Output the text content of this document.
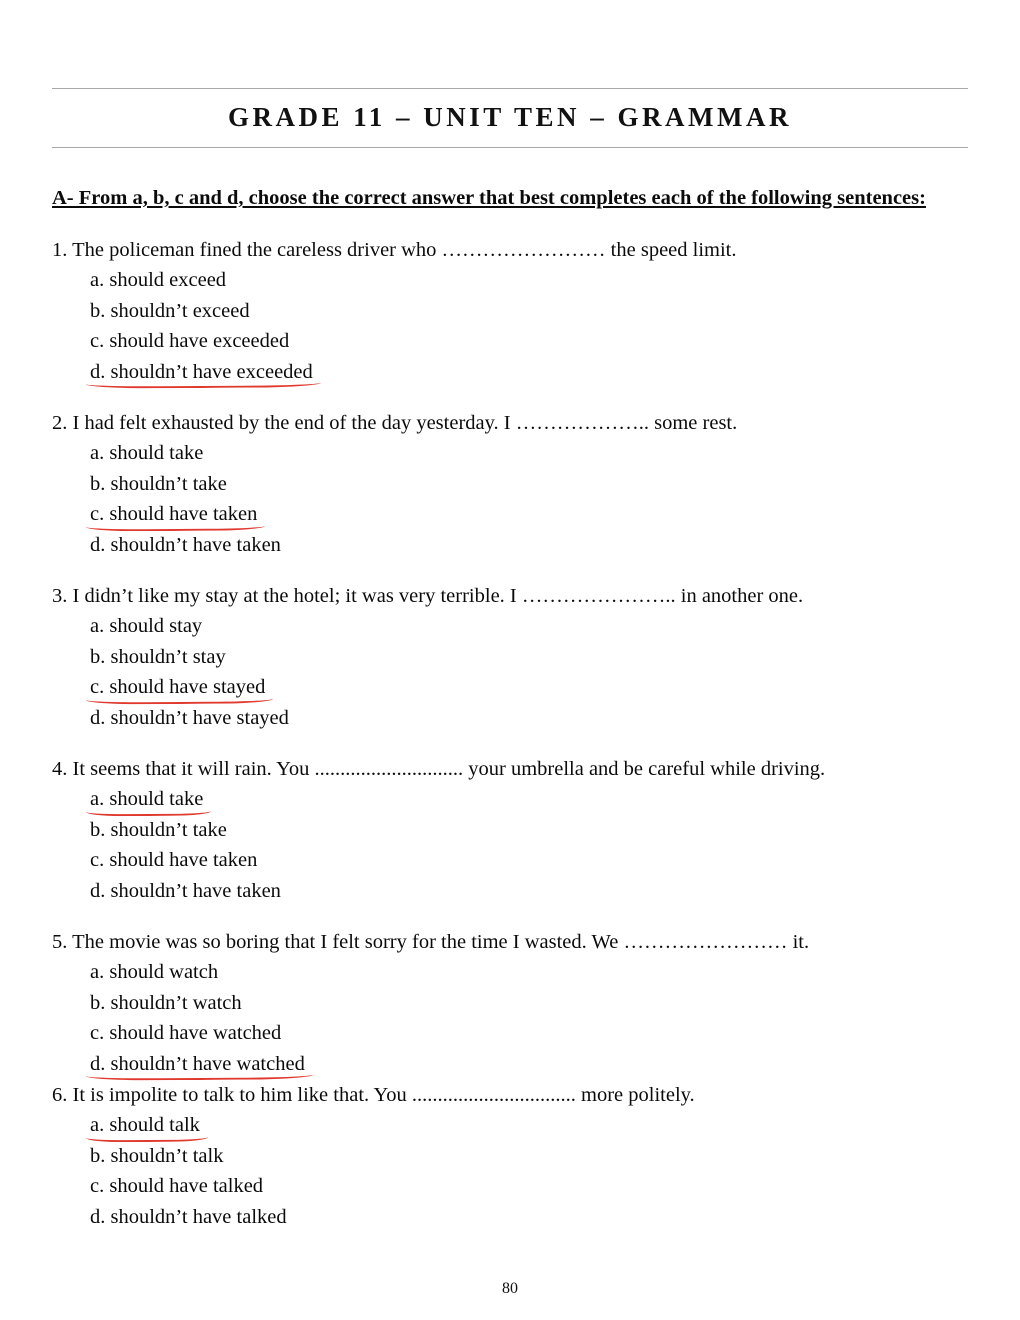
GRADE 11 – UNIT TEN – GRAMMAR

A- From a, b, c and d, choose the correct answer that best completes each of the following sentences:

1. The policeman fined the careless driver who …………………… the speed limit.

a. should exceed

b. shouldn’t exceed

c. should have exceeded

d. shouldn’t have exceeded

2. I had felt exhausted by the end of the day yesterday. I ……………….. some rest.

a. should take

b. shouldn’t take

c. should have taken

d. shouldn’t have taken

3. I didn’t like my stay at the hotel; it was very terrible. I ………………….. in another one.

a. should stay

b. shouldn’t stay

c. should have stayed

d. shouldn’t have stayed

4. It seems that it will rain. You ............................. your umbrella and be careful while driving.

a. should take

b. shouldn’t take

c. should have taken

d. shouldn’t have taken

5. The movie was so boring that I felt sorry for the time I wasted. We …………………… it.

a. should watch

b. shouldn’t watch

c. should have watched

d. shouldn’t have watched

6. It is impolite to talk to him like that. You ................................ more politely.

a. should talk

b. shouldn’t talk

c. should have talked

d. shouldn’t have talked

80
